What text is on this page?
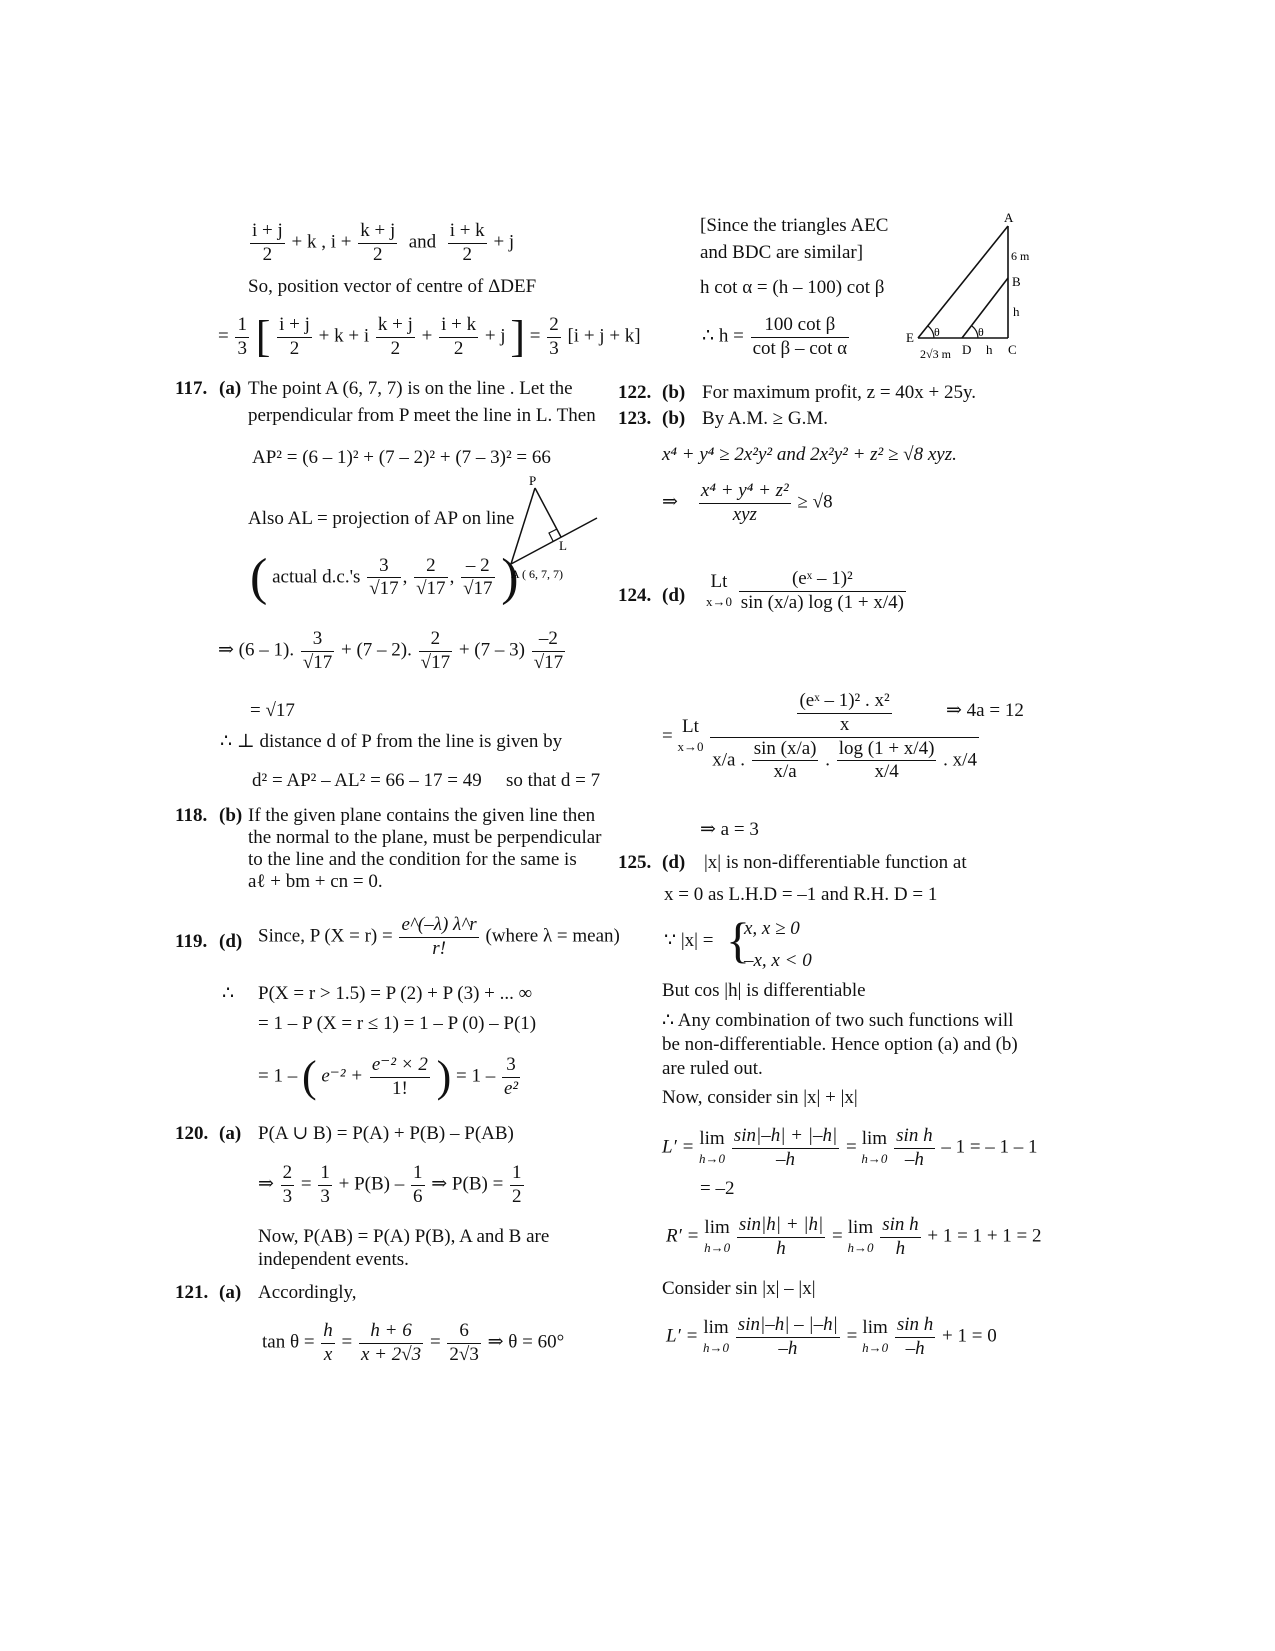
$\frac{i + j}{2} + k$ , $i + \frac{k + j}{2}$ and $\frac{i + k}{2} + j$
So, position vector of centre of ΔDEF
= $\frac{1}{3}$ [ $\frac{i + j}{2} + k + i \frac{k + j}{2} + \frac{i + k}{2} + j$ ] = $\frac{2}{3} [i + j + k]$
117. (a) The point A (6, 7, 7) is on the line . Let the
perpendicular from P meet the line in L. Then
AP² = (6 – 1)² + (7 – 2)² + (7 – 3)² = 66
Also AL = projection of AP on line
( actual $d.c.'s \frac{3}{√17}$ , $\frac{2}{√17}$ , $\frac{- 2}{√17}$ )
P
L
A ( 6, 7, 7)
⇒ (6 – 1). $\frac{3}{√17} + (7 - 2)$. $\frac{2}{√17} + (7 - 3) \frac{-2}{√17}$
= √17
∴ ⊥ distance d of P from the line is given by
d² = AP² – AL² = 66 – 17 = 49 so that d = 7
118. (b) If the given plane contains the given line then
the normal to the plane, must be perpendicular
to the line and the condition for the same is
aℓ + bm + cn = 0.
119. (d) Since, P $(X = r) = \frac{e\^{}(-\lambda) \lambda\^{}r}{r!}$ (where λ = mean)
∴ P(X = r > 1.5) = P (2) + P (3) + ... ∞
= 1 – P (X = r ≤ 1) = 1 – P (0) – P(1)
= 1 – ( $e^{-2} + \frac{\text{e⁻² × 2}}{1!}$ ) = $1 - \frac{3}{\text{e²}}$
120. (a) P(A ∪ B) = P(A) + P(B) – P(AB)
⇒ $\frac{2}{3} = \frac{1}{3} + P(B) - \frac{1}{6}$ ⇒ $P(B) = \frac{1}{2}$
Now, P(AB) = P(A) P(B), A and B are
independent events.
121. (a) Accordingly,
$\tan \theta = \frac{h}{x} = \frac{h + 6}{x + 2√3} = \frac{6}{2√3}$ ⇒ θ = 60°
[Since the triangles AEC
and BDC are similar]
h cot α = (h – 100) cot β
∴ $h = \frac{\text{100 cot β}}{\text{cot β – cot α}}$
A
6 m
B
h
E θ	θ
2√3 m D h C
122. (b) For maximum profit, z = 40x + 25y.
123. (b) By A.M. ≥ G.M.
x⁴ + y⁴ ≥ 2x²y² and 2x²y² + z² ≥ √8 xyz.
⇒
x⁴ + y⁴ + z²
xyz
≥ √8
124. (d)
Lt
x→0
$\frac{\text{(eˣ – 1)²}}{\sin (x/a) \log (1 + x/4)}$
= Lt
x→0

$\frac{\text{(eˣ – 1)² . x²}}{x}$
x/a . $\frac{\sin (x/a)}{x/a}$ . $\frac{\log (1 + x/4)}{x/4}$ . x/4
⇒ 4a = 12
⇒ a = 3
125. (d) |x| is non-differentiable function at
x = 0 as L.H.D = –1 and R.H. D = 1
∵ |x| = {
x, x ≥ 0
–x, x < 0
But cos |h| is differentiable
∴ Any combination of two such functions will
be non-differentiable. Hence option (a) and (b)
are ruled out.
Now, consider sin |x| + |x|
L′ = lim
h→0
$\frac{\sin|-h| + |-h|}{-h} = \lim$
h→0
$\frac{\text{sin h}}{-h} - 1$ = – 1 – 1
= –2
R′ = lim
h→0
$\frac{\sin|h| + |h|}{h} = \lim$
h→0
$\frac{\text{sin h}}{h} + 1 = 1 + 1 = 2$
Consider sin |x| – |x|
L′ = lim
h→0
$\frac{\sin|-h| - |-h|}{-h} = \lim$
h→0
$\frac{\text{sin h}}{-h} + 1 = 0$
